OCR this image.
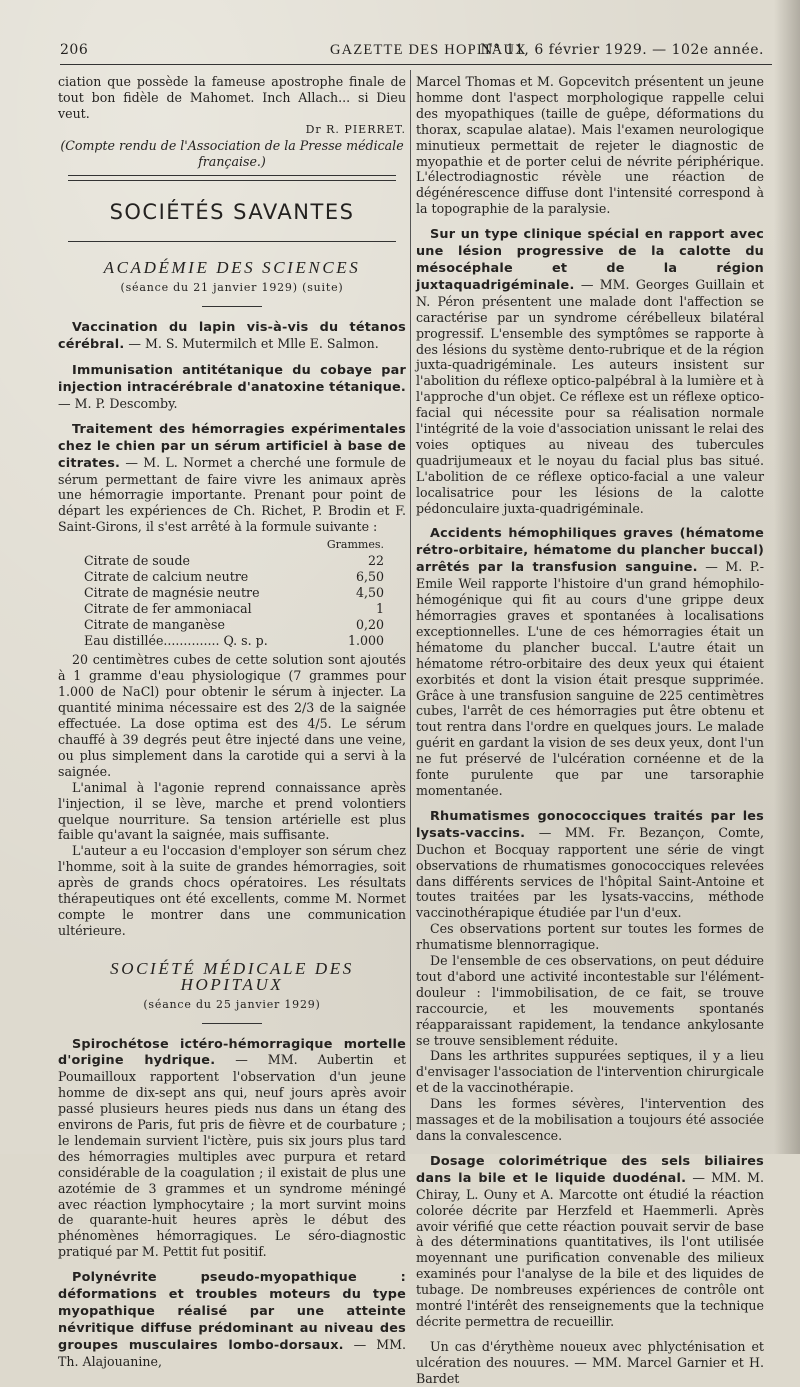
206	GAZETTE DES HOPITAUX
N° 11, 6 février 1929. — 102e année.

ciation que possède la fameuse apostrophe finale de tout bon fidèle de Mahomet. Inch Allach... si Dieu veut.

Dr R. PIERRET.

(Compte rendu de l'Association de la Presse médicale française.)

SOCIÉTÉS SAVANTES
ACADÉMIE DES SCIENCES
(séance du 21 janvier 1929) (suite)

Vaccination du lapin vis-à-vis du tétanos cérébral. — M. S. Mutermilch et Mlle E. Salmon.

Immunisation antitétanique du cobaye par injection intracérébrale d'anatoxine tétanique. — M. P. Descomby.

Traitement des hémorragies expérimentales chez le chien par un sérum artificiel à base de citrates. — M. L. Normet a cherché une formule de sérum permettant de faire vivre les animaux après une hémorragie importante. Prenant pour point de départ les expériences de Ch. Richet, P. Brodin et F. Saint-Girons, il s'est arrêté à la formule suivante :

	Grammes.
Citrate de soude	22
Citrate de calcium neutre	6,50
Citrate de magnésie neutre	4,50
Citrate de fer ammoniacal	1
Citrate de manganèse	0,20
Eau distillée.............. Q. s. p.	1.000

20 centimètres cubes de cette solution sont ajoutés à 1 gramme d'eau physiologique (7 grammes pour 1.000 de NaCl) pour obtenir le sérum à injecter. La quantité minima nécessaire est des 2/3 de la saignée effectuée. La dose optima est des 4/5. Le sérum chauffé à 39 degrés peut être injecté dans une veine, ou plus simplement dans la carotide qui a servi à la saignée.

L'animal à l'agonie reprend connaissance après l'injection, il se lève, marche et prend volontiers quelque nourriture. Sa tension artérielle est plus faible qu'avant la saignée, mais suffisante.

L'auteur a eu l'occasion d'employer son sérum chez l'homme, soit à la suite de grandes hémorragies, soit après de grands chocs opératoires. Les résultats thérapeutiques ont été excellents, comme M. Normet compte le montrer dans une communication ultérieure.

SOCIÉTÉ MÉDICALE DES HOPITAUX
(séance du 25 janvier 1929)

Spirochétose ictéro-hémorragique mortelle d'origine hydrique. — MM. Aubertin et Poumailloux rapportent l'observation d'un jeune homme de dix-sept ans qui, neuf jours après avoir passé plusieurs heures pieds nus dans un étang des environs de Paris, fut pris de fièvre et de courbature ; le lendemain survient l'ictère, puis six jours plus tard des hémorragies multiples avec purpura et retard considérable de la coagulation ; il existait de plus une azotémie de 3 grammes et un syndrome méningé avec réaction lymphocytaire ; la mort survint moins de quarante-huit heures après le début des phénomènes hémorragiques. Le séro-diagnostic pratiqué par M. Pettit fut positif.

Polynévrite pseudo-myopathique : déformations et troubles moteurs du type myopathique réalisé par une atteinte névritique diffuse prédominant au niveau des groupes musculaires lombo-dorsaux. — MM. Th. Alajouanine,

Marcel Thomas et M. Gopcevitch présentent un jeune homme dont l'aspect morphologique rappelle celui des myopathiques (taille de guêpe, déformations du thorax, scapulae alatae). Mais l'examen neurologique minutieux permettait de rejeter le diagnostic de myopathie et de porter celui de névrite périphérique. L'électrodiagnostic révèle une réaction de dégénérescence diffuse dont l'intensité correspond à la topographie de la paralysie.

Sur un type clinique spécial en rapport avec une lésion progressive de la calotte du mésocéphale et de la région juxtaquadrigéminale. — MM. Georges Guillain et N. Péron présentent une malade dont l'affection se caractérise par un syndrome cérébelleux bilatéral progressif. L'ensemble des symptômes se rapporte à des lésions du système dento-rubrique et de la région juxta-quadrigéminale. Les auteurs insistent sur l'abolition du réflexe optico-palpébral à la lumière et à l'approche d'un objet. Ce réflexe est un réflexe optico-facial qui nécessite pour sa réalisation normale l'intégrité de la voie d'association unissant le relai des voies optiques au niveau des tubercules quadrijumeaux et le noyau du facial plus bas situé. L'abolition de ce réflexe optico-facial a une valeur localisatrice pour les lésions de la calotte pédonculaire juxta-quadrigéminale.

Accidents hémophiliques graves (hématome rétro-orbitaire, hématome du plancher buccal) arrêtés par la transfusion sanguine. — M. P.-Emile Weil rapporte l'histoire d'un grand hémophilo-hémogénique qui fit au cours d'une grippe deux hémorragies graves et spontanées à localisations exceptionnelles. L'une de ces hémorragies était un hématome du plancher buccal. L'autre était un hématome rétro-orbitaire des deux yeux qui étaient exorbités et dont la vision était presque supprimée. Grâce à une transfusion sanguine de 225 centimètres cubes, l'arrêt de ces hémorragies put être obtenu et tout rentra dans l'ordre en quelques jours. Le malade guérit en gardant la vision de ses deux yeux, dont l'un ne fut préservé de l'ulcération cornéenne et de la fonte purulente que par une tarsoraphie momentanée.

Rhumatismes gonococciques traités par les lysats-vaccins. — MM. Fr. Bezançon, Comte, Duchon et Bocquay rapportent une série de vingt observations de rhumatismes gonococciques relevées dans différents services de l'hôpital Saint-Antoine et toutes traitées par les lysats-vaccins, méthode vaccinothérapique étudiée par l'un d'eux.

Ces observations portent sur toutes les formes de rhumatisme blennorragique.

De l'ensemble de ces observations, on peut déduire tout d'abord une activité incontestable sur l'élément-douleur : l'immobilisation, de ce fait, se trouve raccourcie, et les mouvements spontanés réapparaissant rapidement, la tendance ankylosante se trouve sensiblement réduite.

Dans les arthrites suppurées septiques, il y a lieu d'envisager l'association de l'intervention chirurgicale et de la vaccinothérapie.

Dans les formes sévères, l'intervention des massages et de la mobilisation a toujours été associée dans la convalescence.

Dosage colorimétrique des sels biliaires dans la bile et le liquide duodénal. — MM. M. Chiray, L. Ouny et A. Marcotte ont étudié la réaction colorée décrite par Herzfeld et Haemmerli. Après avoir vérifié que cette réaction pouvait servir de base à des déterminations quantitatives, ils l'ont utilisée moyennant une purification convenable des milieux examinés pour l'analyse de la bile et des liquides de tubage. De nombreuses expériences de contrôle ont montré l'intérêt des renseignements que la technique décrite permettra de recueillir.

Un cas d'érythème noueux avec phlycténisation et ulcération des nouures. — MM. Marcel Garnier et H. Bardet
